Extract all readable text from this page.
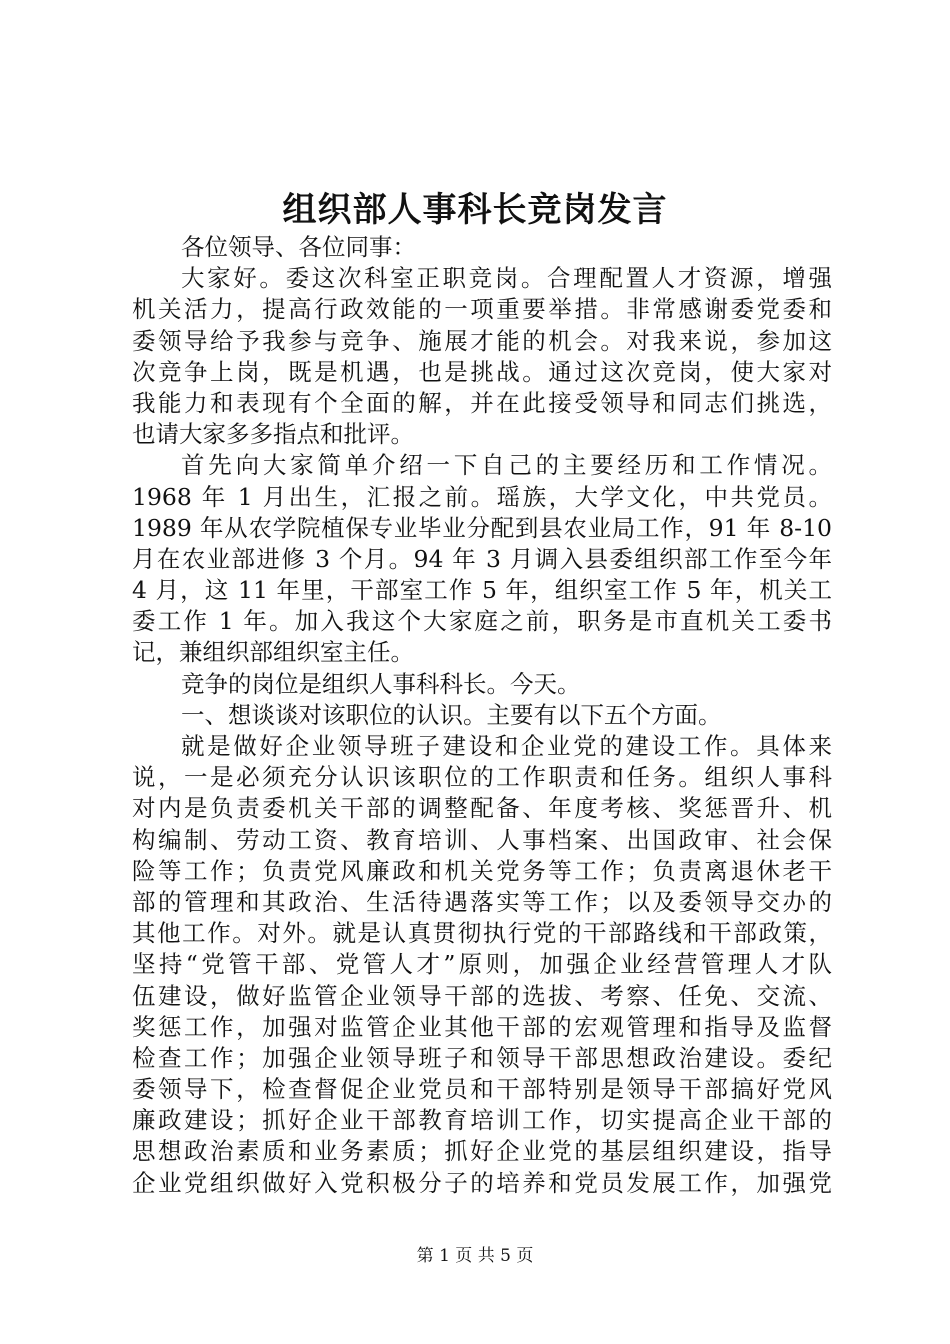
组织部人事科长竞岗发言
各位领导、各位同事：
大家好。委这次科室正职竞岗。合理配置人才资源，增强
机关活力，提高行政效能的一项重要举措。非常感谢委党委和
委领导给予我参与竞争、施展才能的机会。对我来说，参加这
次竞争上岗，既是机遇，也是挑战。通过这次竞岗，使大家对
我能力和表现有个全面的解，并在此接受领导和同志们挑选，
也请大家多多指点和批评。
首先向大家简单介绍一下自己的主要经历和工作情况。
1968 年 1 月出生，汇报之前。瑶族，大学文化，中共党员。
1989 年从农学院植保专业毕业分配到县农业局工作，91 年 8-10
月在农业部进修 3 个月。94 年 3 月调入县委组织部工作至今年
4 月，这 11 年里，干部室工作 5 年，组织室工作 5 年，机关工
委工作 1 年。加入我这个大家庭之前，职务是市直机关工委书
记，兼组织部组织室主任。
竞争的岗位是组织人事科科长。今天。
一、想谈谈对该职位的认识。主要有以下五个方面。
就是做好企业领导班子建设和企业党的建设工作。具体来
说，一是必须充分认识该职位的工作职责和任务。组织人事科
对内是负责委机关干部的调整配备、年度考核、奖惩晋升、机
构编制、劳动工资、教育培训、人事档案、出国政审、社会保
险等工作；负责党风廉政和机关党务等工作；负责离退休老干
部的管理和其政治、生活待遇落实等工作；以及委领导交办的
其他工作。对外。就是认真贯彻执行党的干部路线和干部政策，
坚持“党管干部、党管人才”原则，加强企业经营管理人才队
伍建设，做好监管企业领导干部的选拔、考察、任免、交流、
奖惩工作，加强对监管企业其他干部的宏观管理和指导及监督
检查工作；加强企业领导班子和领导干部思想政治建设。委纪
委领导下，检查督促企业党员和干部特别是领导干部搞好党风
廉政建设；抓好企业干部教育培训工作，切实提高企业干部的
思想政治素质和业务素质；抓好企业党的基层组织建设，指导
企业党组织做好入党积极分子的培养和党员发展工作，加强党
第 1 页 共 5 页
